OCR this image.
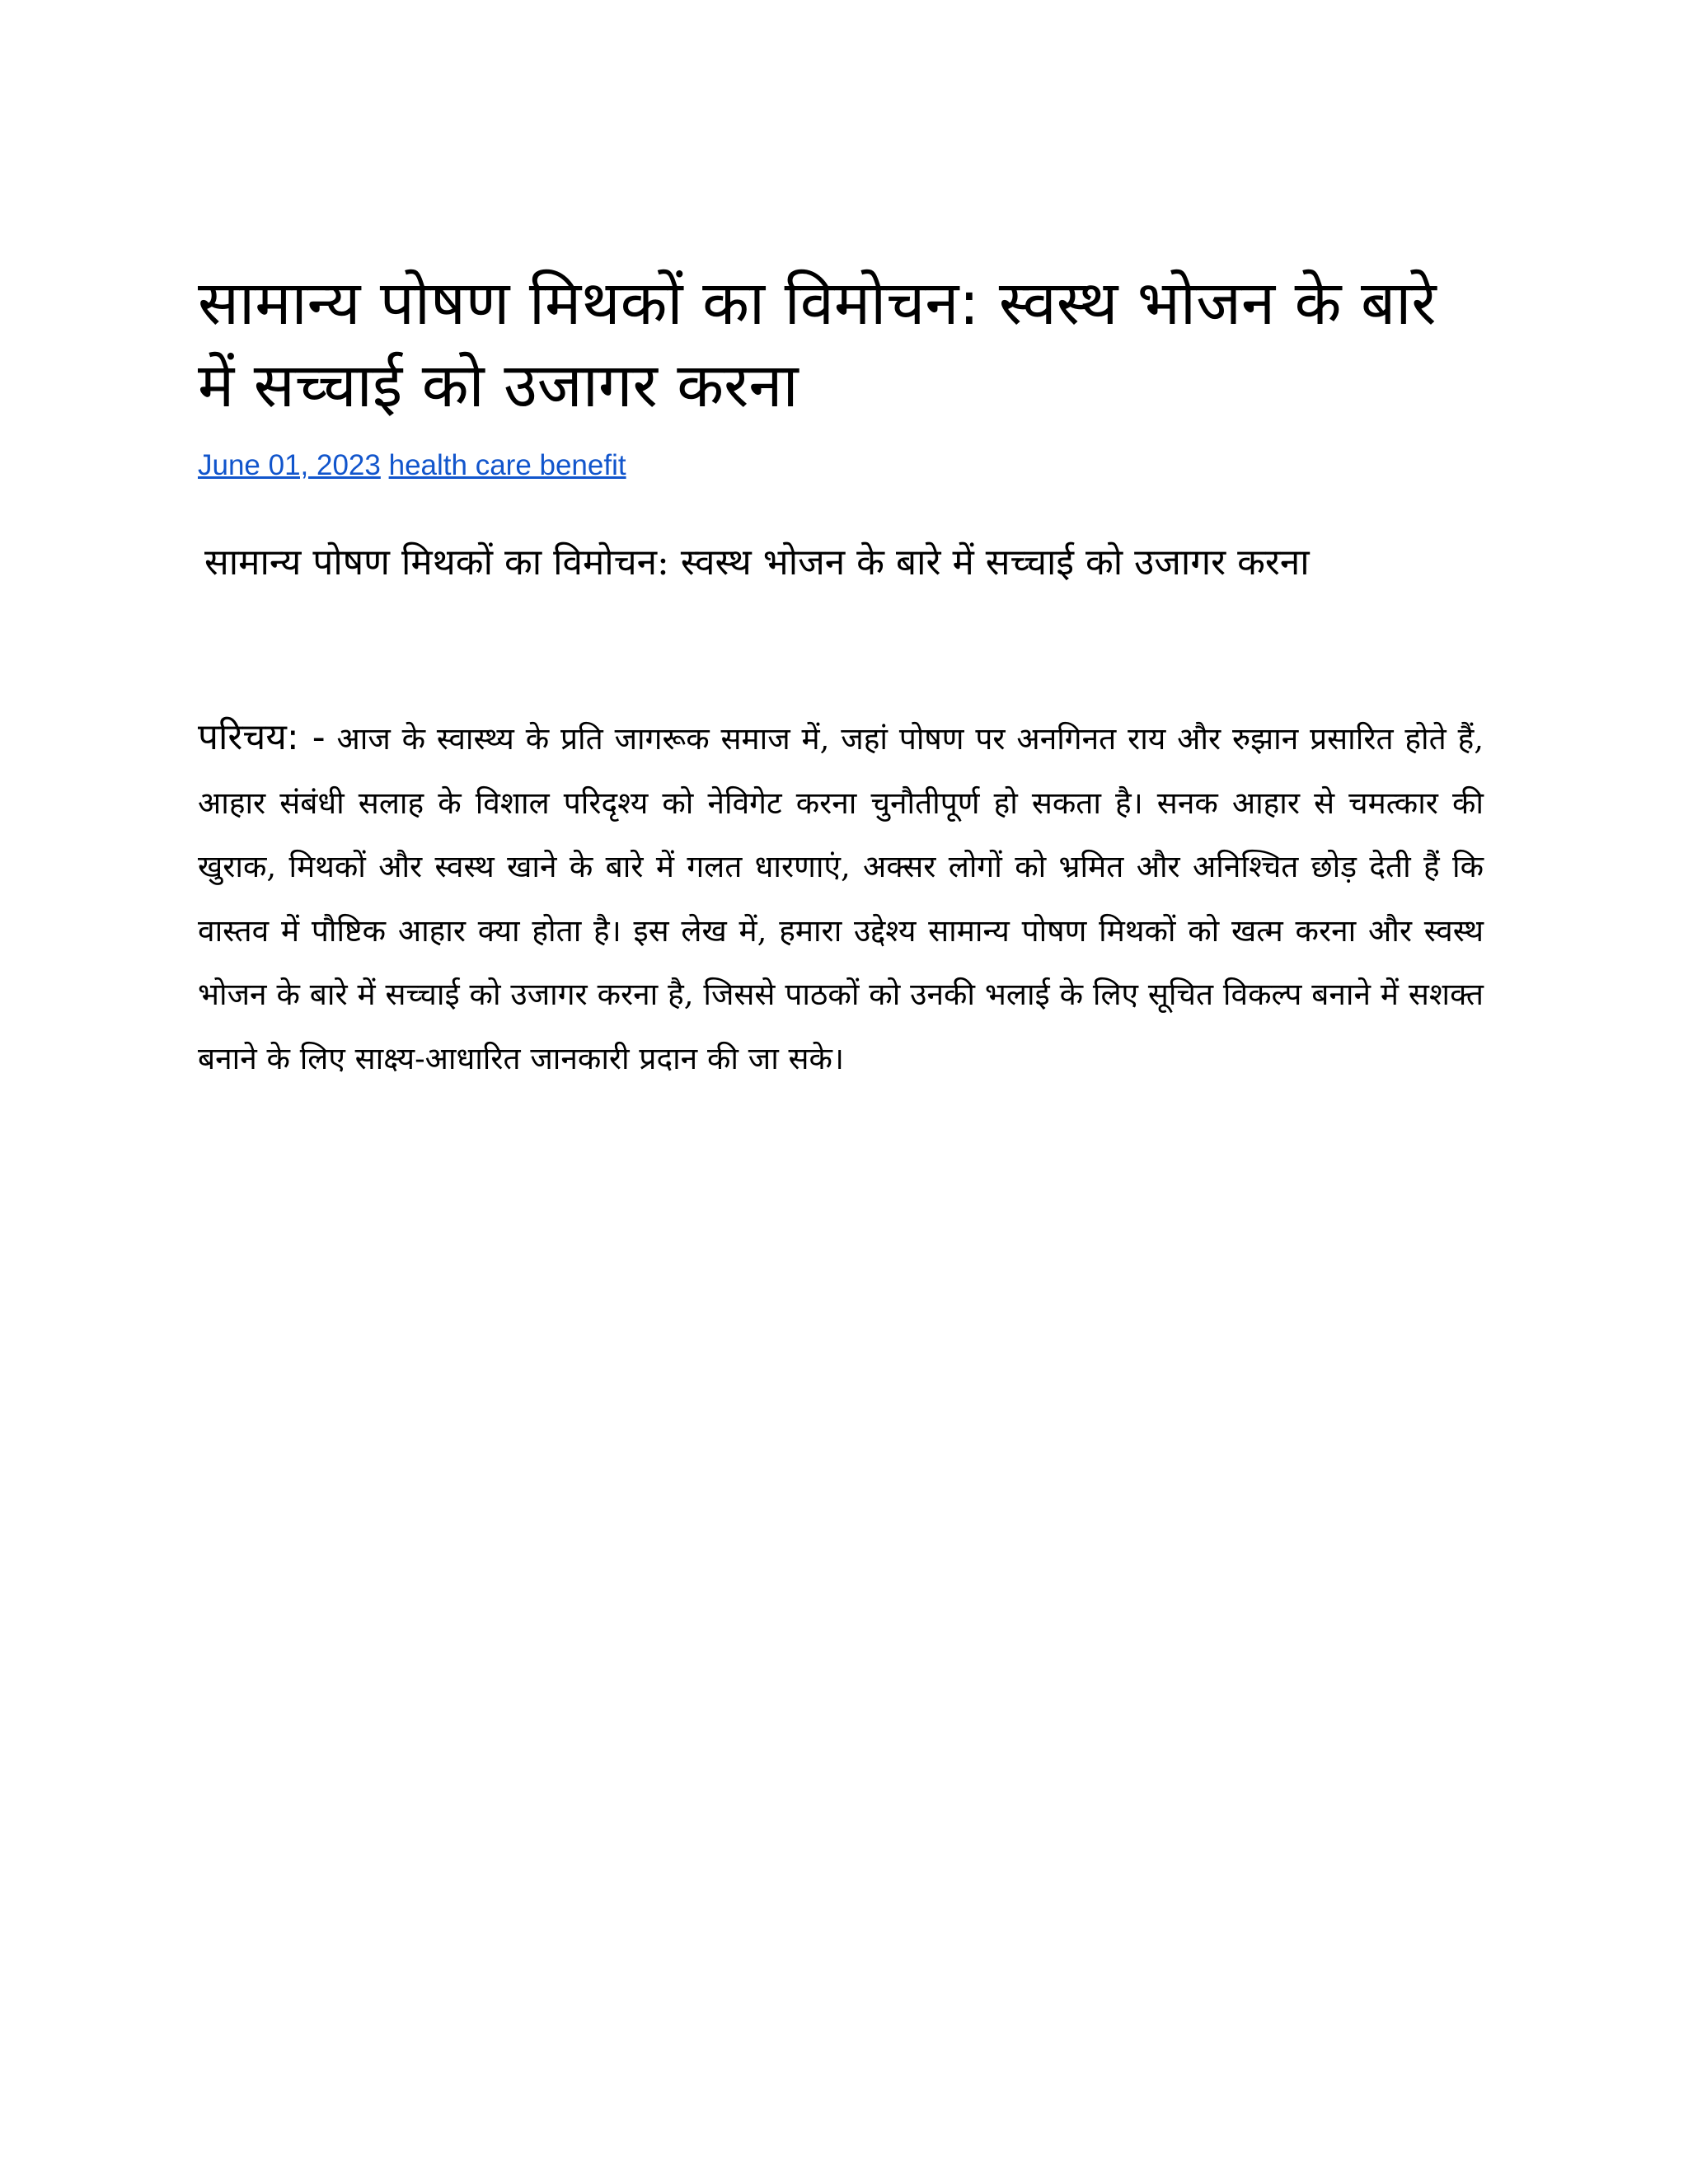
सामान्य पोषण मिथकों का विमोचन: स्वस्थ भोजन के बारे में सच्चाई को उजागर करना
June 01, 2023 health care benefit

सामान्य पोषण मिथकों का विमोचन: स्वस्थ भोजन के बारे में सच्चाई को उजागर करना

परिचय: - आज के स्वास्थ्य के प्रति जागरूक समाज में, जहां पोषण पर अनगिनत राय और रुझान प्रसारित होते हैं, आहार संबंधी सलाह के विशाल परिदृश्य को नेविगेट करना चुनौतीपूर्ण हो सकता है। सनक आहार से चमत्कार की खुराक, मिथकों और स्वस्थ खाने के बारे में गलत धारणाएं, अक्सर लोगों को भ्रमित और अनिश्चित छोड़ देती हैं कि वास्तव में पौष्टिक आहार क्या होता है। इस लेख में, हमारा उद्देश्य सामान्य पोषण मिथकों को खत्म करना और स्वस्थ भोजन के बारे में सच्चाई को उजागर करना है, जिससे पाठकों को उनकी भलाई के लिए सूचित विकल्प बनाने में सशक्त बनाने के लिए साक्ष्य-आधारित जानकारी प्रदान की जा सके।
